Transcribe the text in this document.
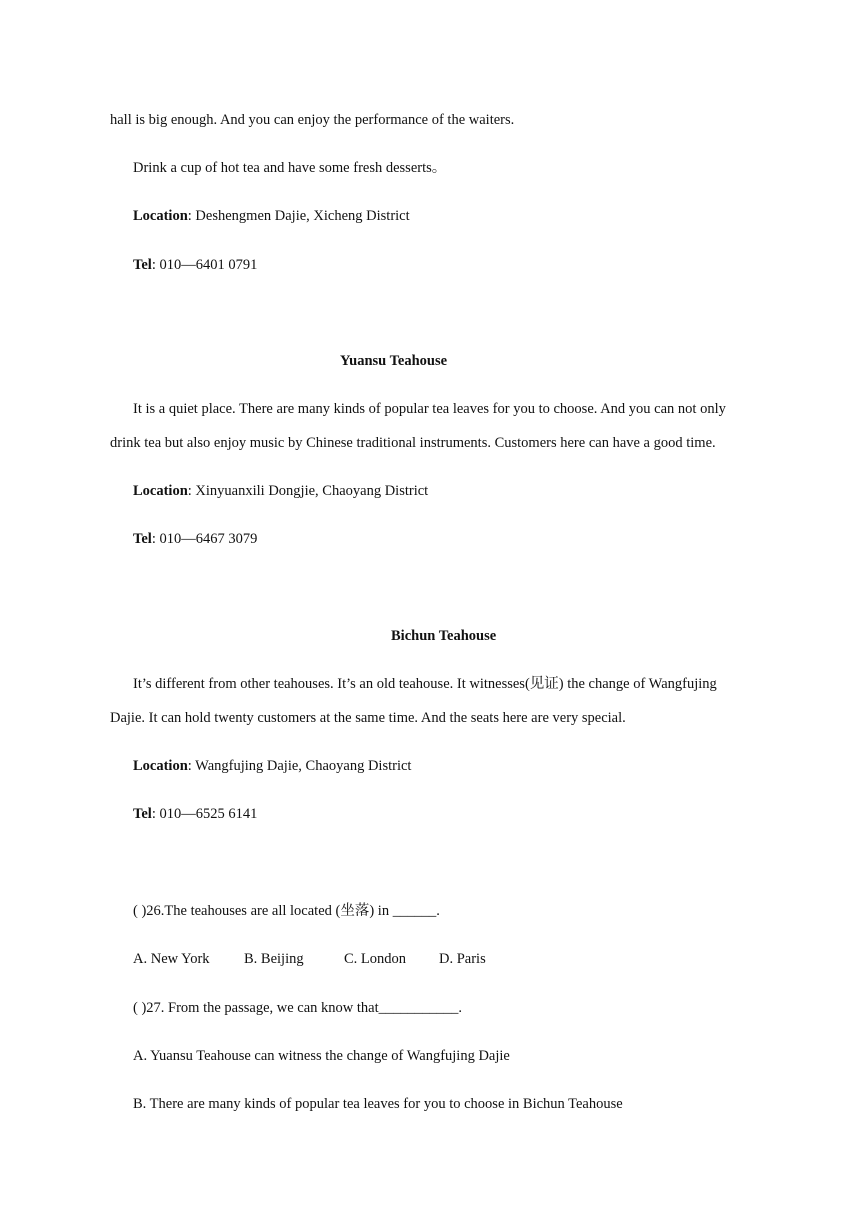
hall is big enough. And you can enjoy the performance of the waiters.
Drink a cup of hot tea and have some fresh desserts。
Location: Deshengmen Dajie, Xicheng District
Tel: 010—6401 0791
Yuansu Teahouse
It is a quiet place. There are many kinds of popular tea leaves for you to choose. And you can not only
drink tea but also enjoy music by Chinese traditional instruments. Customers here can have a good time.
Location: Xinyuanxili Dongjie, Chaoyang District
Tel: 010—6467 3079
Bichun Teahouse
It’s different from other teahouses. It’s an old teahouse. It witnesses(见证) the change of Wangfujing
Dajie. It can hold twenty customers at the same time. And the seats here are very special.
Location: Wangfujing Dajie, Chaoyang District
Tel: 010—6525 6141
( )26.The teahouses are all located (坐落) in ______.
A. New York B. Beijing	C. London D. Paris
( )27. From the passage, we can know that___________.
A. Yuansu Teahouse can witness the change of Wangfujing Dajie
B. There are many kinds of popular tea leaves for you to choose in Bichun Teahouse
